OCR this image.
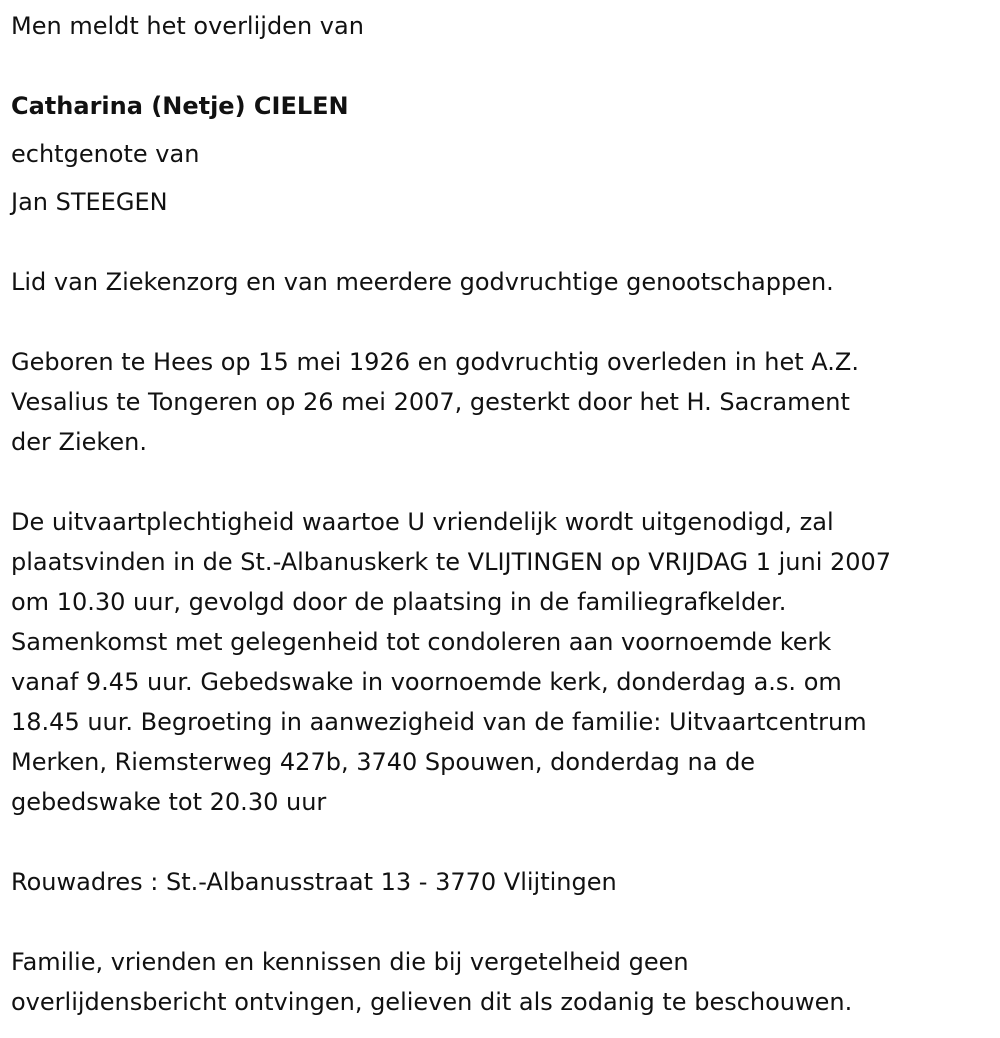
Men meldt het overlijden van
Catharina (Netje) CIELEN
echtgenote van
Jan STEEGEN
Lid van Ziekenzorg en van meerdere godvruchtige genootschappen.
Geboren te Hees op 15 mei 1926 en godvruchtig overleden in het A.Z.
Vesalius te Tongeren op 26 mei 2007, gesterkt door het H. Sacrament
der Zieken.
De uitvaartplechtigheid waartoe U vriendelijk wordt uitgenodigd, zal
plaatsvinden in de St.-Albanuskerk te VLIJTINGEN op VRIJDAG 1 juni 2007
om 10.30 uur, gevolgd door de plaatsing in de familiegrafkelder.
Samenkomst met gelegenheid tot condoleren aan voornoemde kerk
vanaf 9.45 uur. Gebedswake in voornoemde kerk, donderdag a.s. om
18.45 uur. Begroeting in aanwezigheid van de familie: Uitvaartcentrum
Merken, Riemsterweg 427b, 3740 Spouwen, donderdag na de
gebedswake tot 20.30 uur
Rouwadres : St.-Albanusstraat 13 - 3770 Vlijtingen
Familie, vrienden en kennissen die bij vergetelheid geen
overlijdensbericht ontvingen, gelieven dit als zodanig te beschouwen.
